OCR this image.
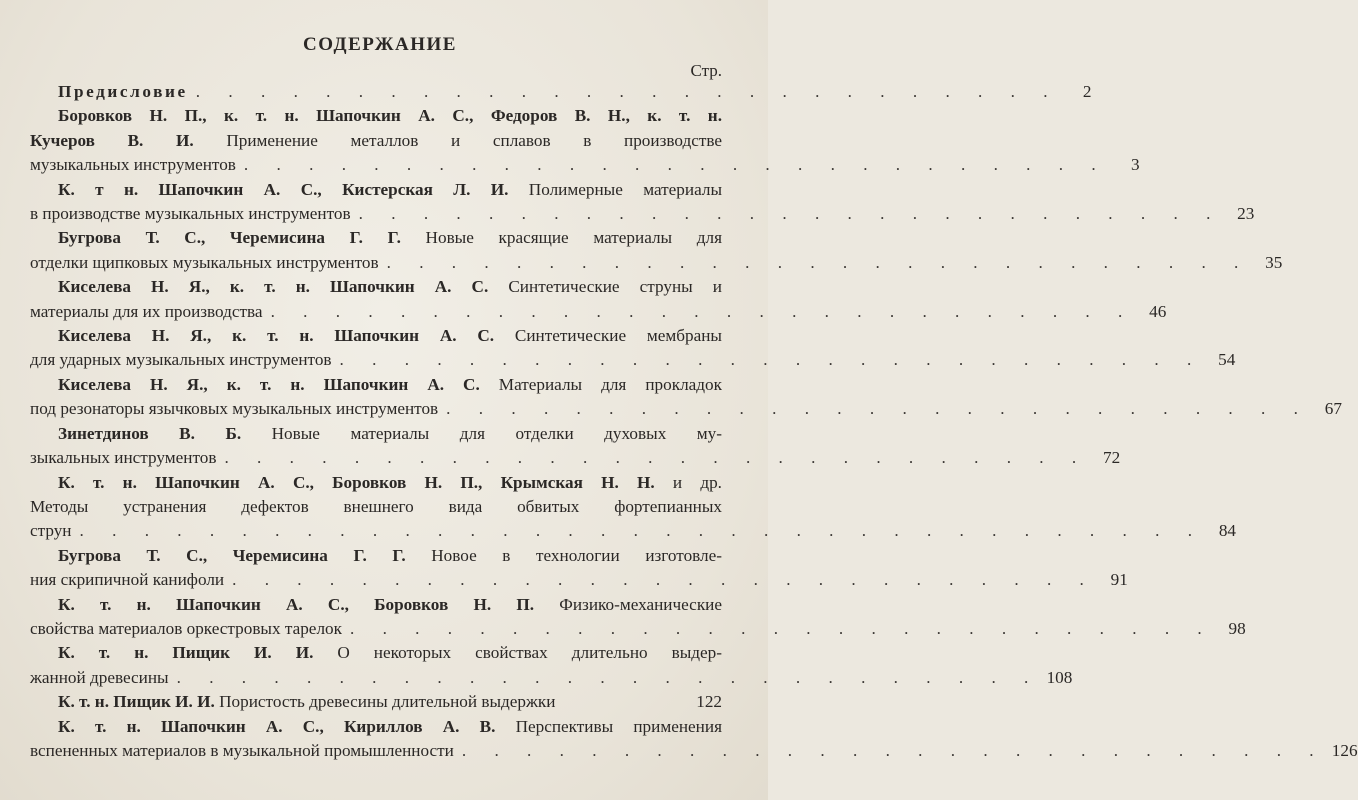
СОДЕРЖАНИЕ
Стр.
Предисловие . . . . . . . . . . . . . . . . . . . . . . . . . . .	2
Боровков Н. П., к. т. н. Шапочкин А. С., Федоров В. Н., к. т. н.
Кучеров В. И. Применение металлов и сплавов в производстве
музыкальных инструментов . . . . . . . . . . . . . . . . . . . . . . . . . . .	3
К. т н. Шапочкин А. С., Кистерская Л. И. Полимерные материалы
в производстве музыкальных инструментов . . . . . . . . . . . . . . . . . . . . . . . . . . . 23
Бугрова Т. С., Черемисина Г. Г. Новые красящие материалы для
отделки щипковых музыкальных инструментов . . . . . . . . . . . . . . . . . . . . . . . . . . . 35
Киселева Н. Я., к. т. н. Шапочкин А. С. Синтетические струны и
материалы для их производства . . . . . . . . . . . . . . . . . . . . . . . . . . . 46
Киселева Н. Я., к. т. н. Шапочкин А. С. Синтетические мембраны
для ударных музыкальных инструментов . . . . . . . . . . . . . . . . . . . . . . . . . . . 54
Киселева Н. Я., к. т. н. Шапочкин А. С. Материалы для прокладок
под резонаторы язычковых музыкальных инструментов . . . . . . . . . . . . . . . . . . . . . . . . . . . 67
Зинетдинов В. Б. Новые материалы для отделки духовых му-
зыкальных инструментов . . . . . . . . . . . . . . . . . . . . . . . . . . . 72
К. т. н. Шапочкин А. С., Боровков Н. П., Крымская Н. Н. и др.
Методы устранения дефектов внешнего вида обвитых фортепианных
струн . . . . . . . . . . . . . . . . . . . . . . . . . . . . . . . . . . . 84
Бугрова Т. С., Черемисина Г. Г. Новое в технологии изготовле-
ния скрипичной канифоли . . . . . . . . . . . . . . . . . . . . . . . . . . . 91
К. т. н. Шапочкин А. С., Боровков Н. П. Физико-механические
свойства материалов оркестровых тарелок . . . . . . . . . . . . . . . . . . . . . . . . . . . 98
К. т. н. Пищик И. И. О некоторых свойствах длительно выдер-
жанной древесины . . . . . . . . . . . . . . . . . . . . . . . . . . . 108
К. т. н. Пищик И. И. Пористость древесины длительной выдержки	122
К. т. н. Шапочкин А. С., Кириллов А. В. Перспективы применения
вспененных материалов в музыкальной промышленности . . . . . . . . . . . . . . . . . . . . . . . . . . . 126
